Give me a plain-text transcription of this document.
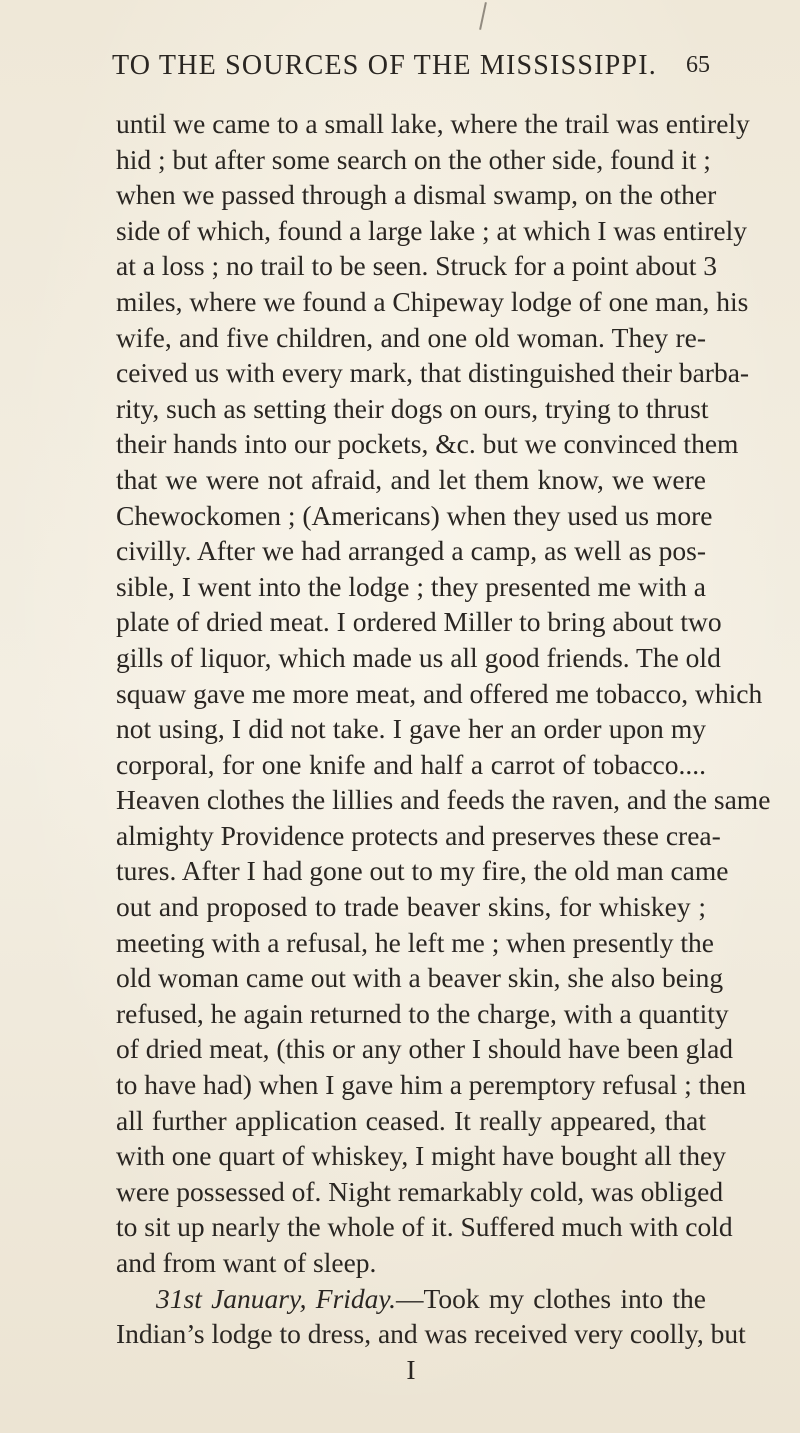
TO THE SOURCES OF THE MISSISSIPPI. 65
until we came to a small lake, where the trail was entirely
hid ; but after some search on the other side, found it ;
when we passed through a dismal swamp, on the other
side of which, found a large lake ; at which I was entirely
at a loss ; no trail to be seen. Struck for a point about 3
miles, where we found a Chipeway lodge of one man, his
wife, and five children, and one old woman. They re-
ceived us with every mark, that distinguished their barba-
rity, such as setting their dogs on ours, trying to thrust
their hands into our pockets, &c. but we convinced them
that we were not afraid, and let them know, we were
Chewockomen ; (Americans) when they used us more
civilly. After we had arranged a camp, as well as pos-
sible, I went into the lodge ; they presented me with a
plate of dried meat. I ordered Miller to bring about two
gills of liquor, which made us all good friends. The old
squaw gave me more meat, and offered me tobacco, which
not using, I did not take. I gave her an order upon my
corporal, for one knife and half a carrot of tobacco....
Heaven clothes the lillies and feeds the raven, and the same
almighty Providence protects and preserves these crea-
tures. After I had gone out to my fire, the old man came
out and proposed to trade beaver skins, for whiskey ;
meeting with a refusal, he left me ; when presently the
old woman came out with a beaver skin, she also being
refused, he again returned to the charge, with a quantity
of dried meat, (this or any other I should have been glad
to have had) when I gave him a peremptory refusal ; then
all further application ceased. It really appeared, that
with one quart of whiskey, I might have bought all they
were possessed of. Night remarkably cold, was obliged
to sit up nearly the whole of it. Suffered much with cold
and from want of sleep.
31st January, Friday.—Took my clothes into the
Indian’s lodge to dress, and was received very coolly, but
I
